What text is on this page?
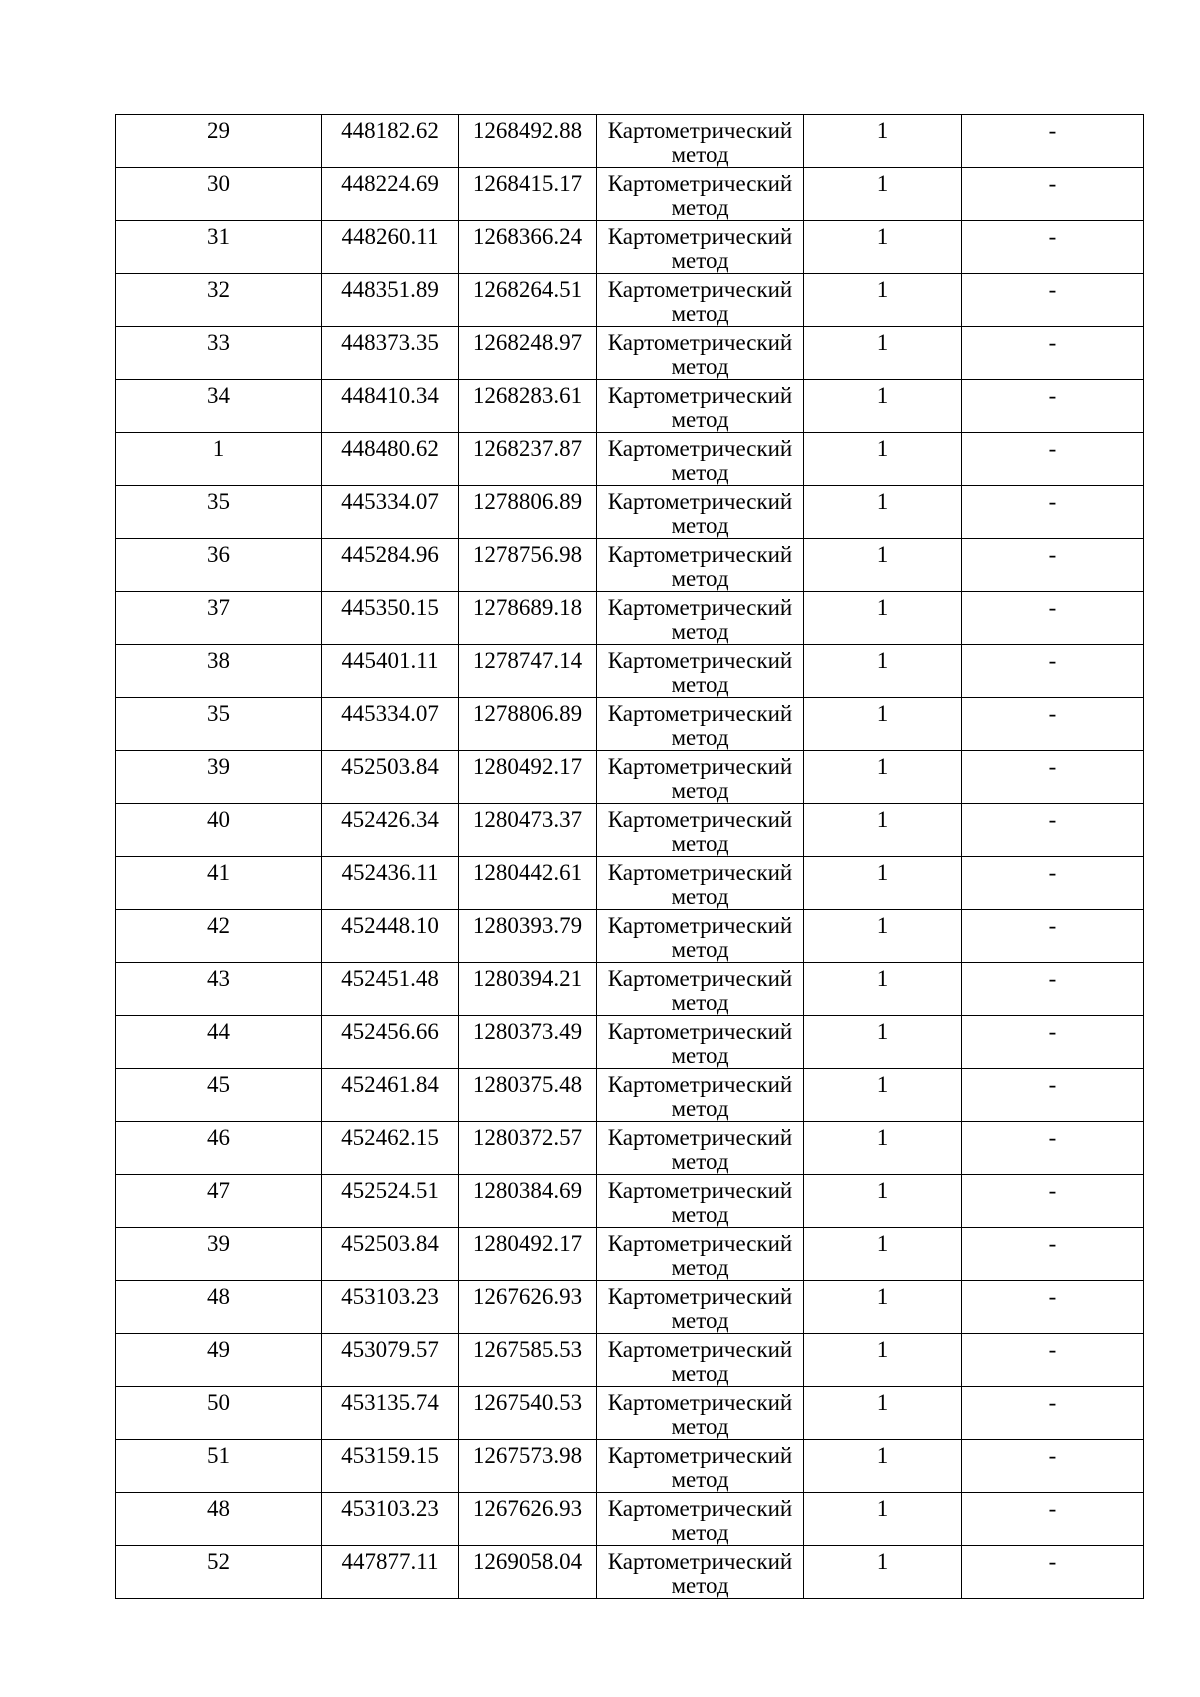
29	448182.62	1268492.88	Картометрический
метод	1	-

30	448224.69	1268415.17	Картометрический
метод	1	-

31	448260.11	1268366.24	Картометрический
метод	1	-

32	448351.89	1268264.51	Картометрический
метод	1	-

33	448373.35	1268248.97	Картометрический
метод	1	-

34	448410.34	1268283.61	Картометрический
метод	1	-

1	448480.62	1268237.87	Картометрический
метод	1	-

35	445334.07	1278806.89	Картометрический
метод	1	-

36	445284.96	1278756.98	Картометрический
метод	1	-

37	445350.15	1278689.18	Картометрический
метод	1	-

38	445401.11	1278747.14	Картометрический
метод	1	-

35	445334.07	1278806.89	Картометрический
метод	1	-

39	452503.84	1280492.17	Картометрический
метод	1	-

40	452426.34	1280473.37	Картометрический
метод	1	-

41	452436.11	1280442.61	Картометрический
метод	1	-

42	452448.10	1280393.79	Картометрический
метод	1	-

43	452451.48	1280394.21	Картометрический
метод	1	-

44	452456.66	1280373.49	Картометрический
метод	1	-

45	452461.84	1280375.48	Картометрический
метод	1	-

46	452462.15	1280372.57	Картометрический
метод	1	-

47	452524.51	1280384.69	Картометрический
метод	1	-

39	452503.84	1280492.17	Картометрический
метод	1	-

48	453103.23	1267626.93	Картометрический
метод	1	-

49	453079.57	1267585.53	Картометрический
метод	1	-

50	453135.74	1267540.53	Картометрический
метод	1	-

51	453159.15	1267573.98	Картометрический
метод	1	-

48	453103.23	1267626.93	Картометрический
метод	1	-

52	447877.11	1269058.04	Картометрический
метод	1	-
